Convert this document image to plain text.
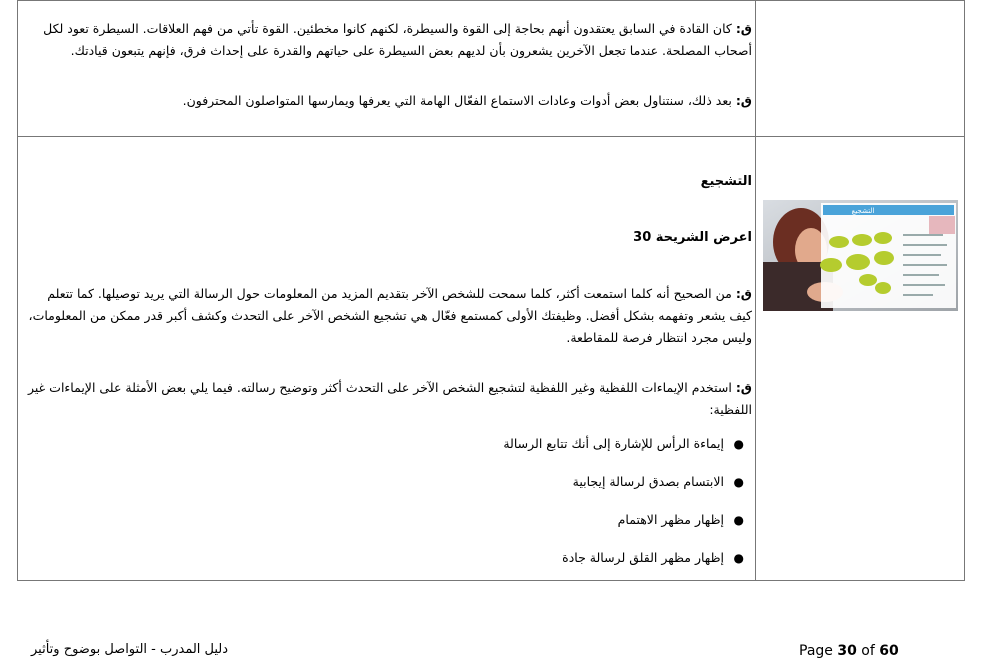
ق: كان القادة في السابق يعتقدون أنهم بحاجة إلى القوة والسيطرة، لكنهم كانوا مخطئين. القوة تأتي من فهم العلاقات. السيطرة تعود لكل أصحاب المصلحة. عندما تجعل الآخرين يشعرون بأن لديهم بعض السيطرة على حياتهم والقدرة على إحداث فرق، فإنهم يتبعون قيادتك.

ق: بعد ذلك، سنتناول بعض أدوات وعادات الاستماع الفعّال الهامة التي يعرفها ويمارسها المتواصلون المحترفون.

التشجيع

اعرض الشريحة 30

ق: من الصحيح أنه كلما استمعت أكثر، كلما سمحت للشخص الآخر بتقديم المزيد من المعلومات حول الرسالة التي يريد توصيلها. كما تتعلم كيف يشعر وتفهمه بشكل أفضل. وظيفتك الأولى كمستمع فعّال هي تشجيع الشخص الآخر على التحدث وكشف أكبر قدر ممكن من المعلومات، وليس مجرد انتظار فرصة للمقاطعة.

ق: استخدم الإيماءات اللفظية وغير اللفظية لتشجيع الشخص الآخر على التحدث أكثر وتوضيح رسالته. فيما يلي بعض الأمثلة على الإيماءات غير اللفظية:

●
إيماءة الرأس للإشارة إلى أنك تتابع الرسالة
●
الابتسام بصدق لرسالة إيجابية
●
إظهار مظهر الاهتمام
●
إظهار مظهر القلق لرسالة جادة
التشجيع
دليل المدرب - التواصل بوضوح وتأثير	Page 30 of 60
